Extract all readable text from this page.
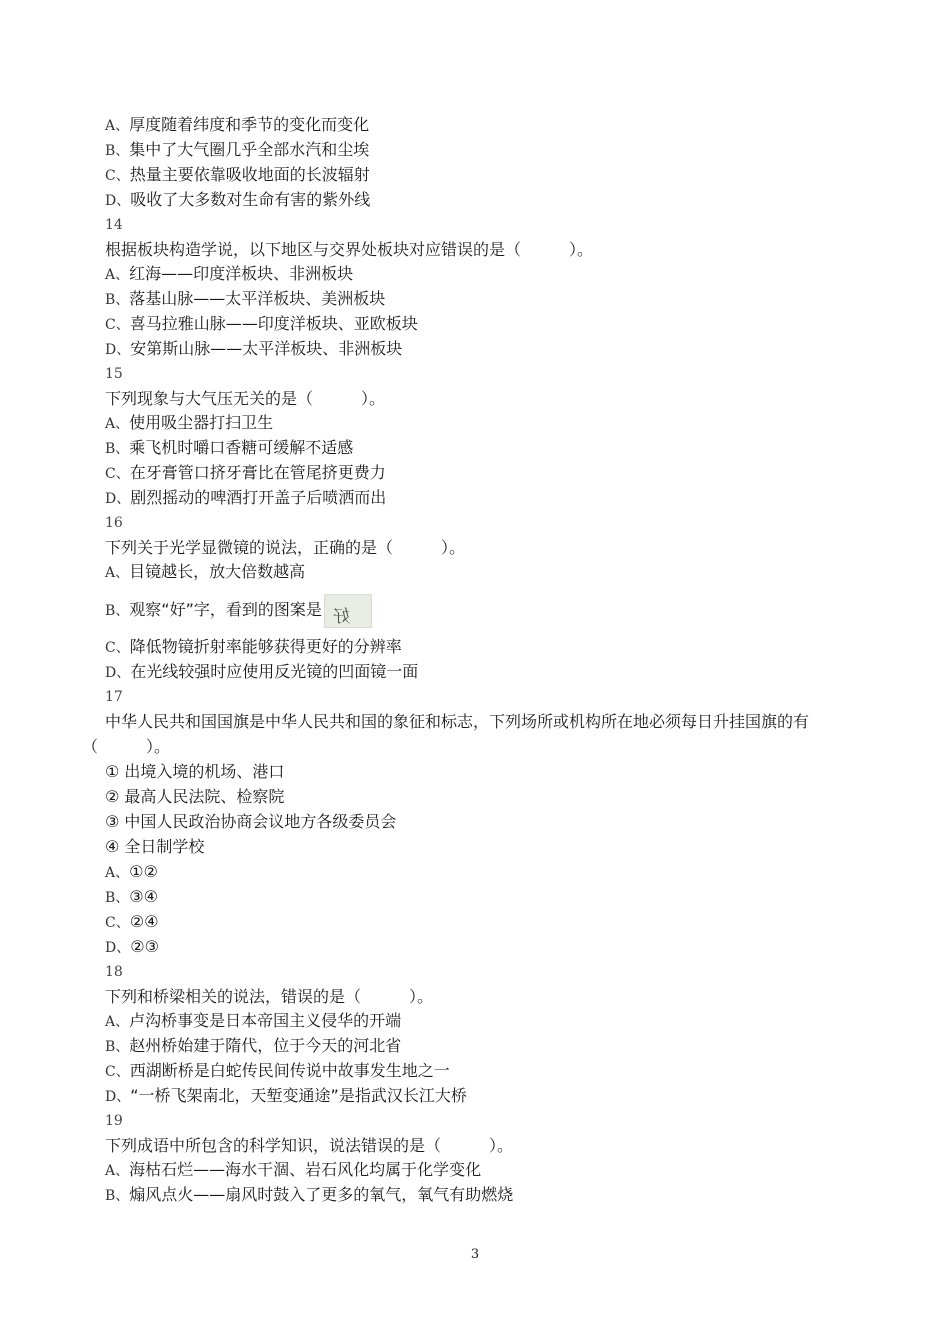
A、厚度随着纬度和季节的变化而变化
B、集中了大气圈几乎全部水汽和尘埃
C、热量主要依靠吸收地面的长波辐射
D、吸收了大多数对生命有害的紫外线
14
根据板块构造学说，以下地区与交界处板块对应错误的是（　　　）。
A、红海——印度洋板块、非洲板块
B、落基山脉——太平洋板块、美洲板块
C、喜马拉雅山脉——印度洋板块、亚欧板块
D、安第斯山脉——太平洋板块、非洲板块
15
下列现象与大气压无关的是（　　　）。
A、使用吸尘器打扫卫生
B、乘飞机时嚼口香糖可缓解不适感
C、在牙膏管口挤牙膏比在管尾挤更费力
D、剧烈摇动的啤酒打开盖子后喷洒而出
16
下列关于光学显微镜的说法，正确的是（　　　）。
A、目镜越长，放大倍数越高
B、观察“好”字，看到的图案是 好
C、降低物镜折射率能够获得更好的分辨率
D、在光线较强时应使用反光镜的凹面镜一面
17
中华人民共和国国旗是中华人民共和国的象征和标志，下列场所或机构所在地必须每日升挂国旗的有
（　　　）。
① 出境入境的机场、港口
② 最高人民法院、检察院
③ 中国人民政治协商会议地方各级委员会
④ 全日制学校
A、①②
B、③④
C、②④
D、②③
18
下列和桥梁相关的说法，错误的是（　　　）。
A、卢沟桥事变是日本帝国主义侵华的开端
B、赵州桥始建于隋代，位于今天的河北省
C、西湖断桥是白蛇传民间传说中故事发生地之一
D、“一桥飞架南北，天堑变通途”是指武汉长江大桥
19
下列成语中所包含的科学知识，说法错误的是（　　　）。
A、海枯石烂——海水干涸、岩石风化均属于化学变化
B、煽风点火——扇风时鼓入了更多的氧气，氧气有助燃烧
3
